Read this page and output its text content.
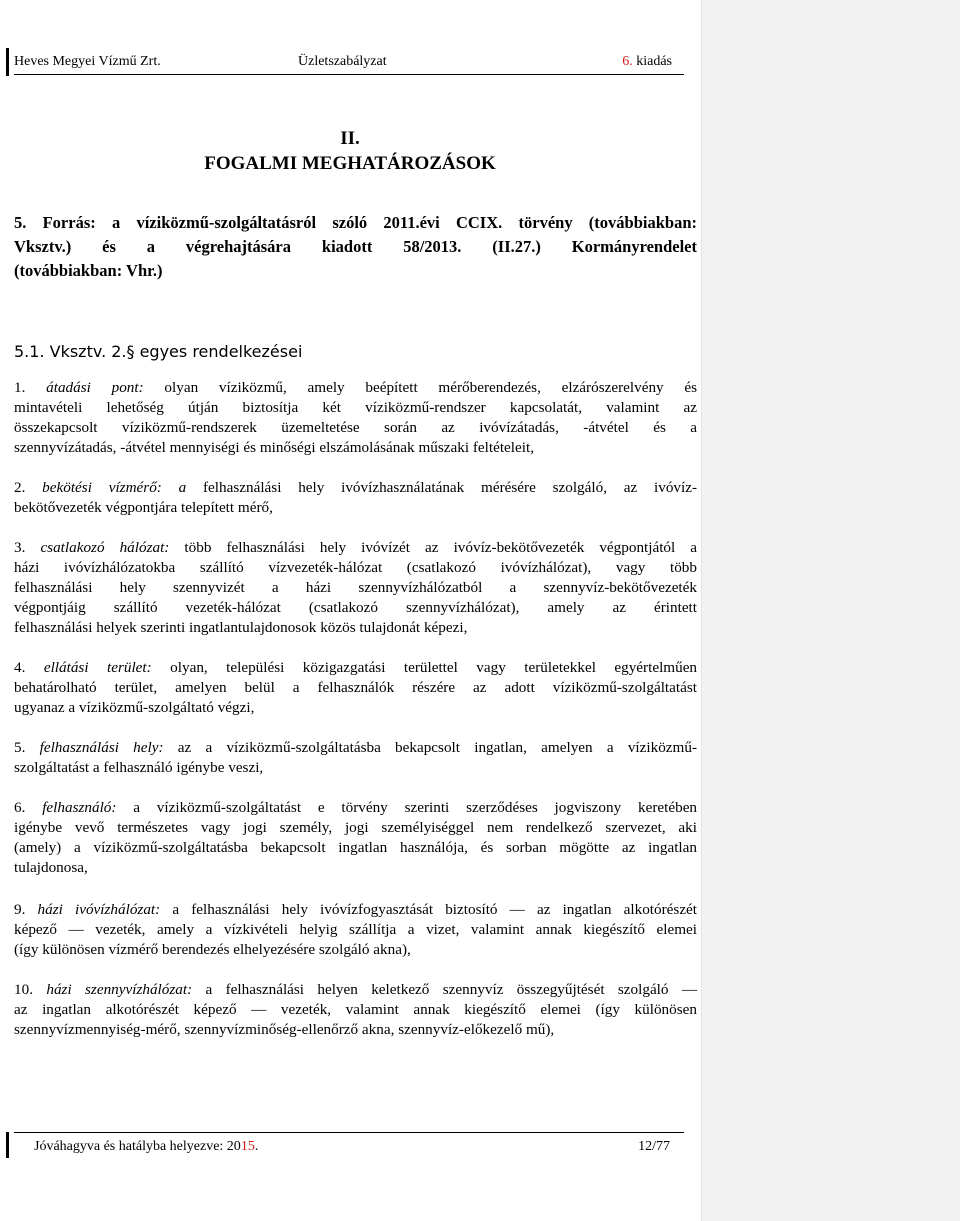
Heves Megyei Vízmű Zrt.	Üzletszabályzat	6. kiadás
II.
FOGALMI MEGHATÁROZÁSOK
5. Forrás: a víziközmű-szolgáltatásról szóló 2011.évi CCIX. törvény (továbbiakban:
Vksztv.) és a végrehajtására kiadott 58/2013. (II.27.) Kormányrendelet
(továbbiakban: Vhr.)
5.1. Vksztv. 2.§ egyes rendelkezései
1. átadási pont: olyan víziközmű, amely beépített mérőberendezés, elzárószerelvény és
mintavételi lehetőség útján biztosítja két víziközmű-rendszer kapcsolatát, valamint az
összekapcsolt víziközmű-rendszerek üzemeltetése során az ivóvízátadás, -átvétel és a
szennyvízátadás, -átvétel mennyiségi és minőségi elszámolásának műszaki feltételeit,
2. bekötési vízmérő: a felhasználási hely ivóvízhasználatának mérésére szolgáló, az ivóvíz-
bekötővezeték végpontjára telepített mérő,
3. csatlakozó hálózat: több felhasználási hely ivóvízét az ivóvíz-bekötővezeték végpontjától a
házi ivóvízhálózatokba szállító vízvezeték-hálózat (csatlakozó ivóvízhálózat), vagy több
felhasználási hely szennyvizét a házi szennyvízhálózatból a szennyvíz-bekötővezeték
végpontjáig szállító vezeték-hálózat (csatlakozó szennyvízhálózat), amely az érintett
felhasználási helyek szerinti ingatlantulajdonosok közös tulajdonát képezi,
4. ellátási terület: olyan, települési közigazgatási területtel vagy területekkel egyértelműen
behatárolható terület, amelyen belül a felhasználók részére az adott víziközmű-szolgáltatást
ugyanaz a víziközmű-szolgáltató végzi,
5. felhasználási hely: az a víziközmű-szolgáltatásba bekapcsolt ingatlan, amelyen a víziközmű-
szolgáltatást a felhasználó igénybe veszi,
6. felhasználó: a víziközmű-szolgáltatást e törvény szerinti szerződéses jogviszony keretében
igénybe vevő természetes vagy jogi személy, jogi személyiséggel nem rendelkező szervezet, aki
(amely) a víziközmű-szolgáltatásba bekapcsolt ingatlan használója, és sorban mögötte az ingatlan
tulajdonosa,
9. házi ivóvízhálózat: a felhasználási hely ivóvízfogyasztását biztosító — az ingatlan alkotórészét
képező — vezeték, amely a vízkivételi helyig szállítja a vizet, valamint annak kiegészítő elemei
(így különösen vízmérő berendezés elhelyezésére szolgáló akna),
10. házi szennyvízhálózat: a felhasználási helyen keletkező szennyvíz összegyűjtését szolgáló —
az ingatlan alkotórészét képező — vezeték, valamint annak kiegészítő elemei (így különösen
szennyvízmennyiség-mérő, szennyvízminőség-ellenőrző akna, szennyvíz-előkezelő mű),
Jóváhagyva és hatályba helyezve: 2015.	12/77
